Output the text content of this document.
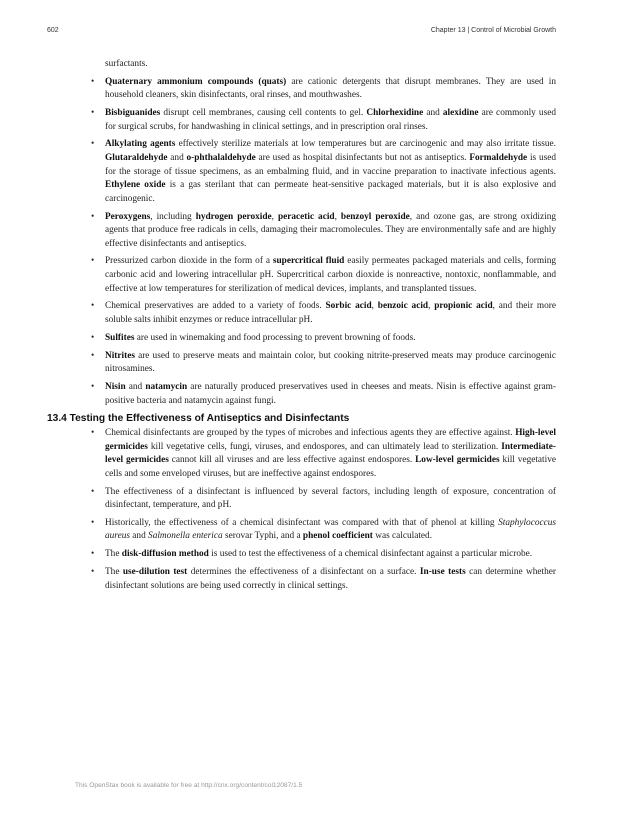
602	Chapter 13 | Control of Microbial Growth
surfactants.
• Quaternary ammonium compounds (quats) are cationic detergents that disrupt membranes. They are used in household cleaners, skin disinfectants, oral rinses, and mouthwashes.
• Bisbiguanides disrupt cell membranes, causing cell contents to gel. Chlorhexidine and alexidine are commonly used for surgical scrubs, for handwashing in clinical settings, and in prescription oral rinses.
• Alkylating agents effectively sterilize materials at low temperatures but are carcinogenic and may also irritate tissue. Glutaraldehyde and o-phthalaldehyde are used as hospital disinfectants but not as antiseptics. Formaldehyde is used for the storage of tissue specimens, as an embalming fluid, and in vaccine preparation to inactivate infectious agents. Ethylene oxide is a gas sterilant that can permeate heat-sensitive packaged materials, but it is also explosive and carcinogenic.
• Peroxygens, including hydrogen peroxide, peracetic acid, benzoyl peroxide, and ozone gas, are strong oxidizing agents that produce free radicals in cells, damaging their macromolecules. They are environmentally safe and are highly effective disinfectants and antiseptics.
• Pressurized carbon dioxide in the form of a supercritical fluid easily permeates packaged materials and cells, forming carbonic acid and lowering intracellular pH. Supercritical carbon dioxide is nonreactive, nontoxic, nonflammable, and effective at low temperatures for sterilization of medical devices, implants, and transplanted tissues.
• Chemical preservatives are added to a variety of foods. Sorbic acid, benzoic acid, propionic acid, and their more soluble salts inhibit enzymes or reduce intracellular pH.
• Sulfites are used in winemaking and food processing to prevent browning of foods.
• Nitrites are used to preserve meats and maintain color, but cooking nitrite-preserved meats may produce carcinogenic nitrosamines.
• Nisin and natamycin are naturally produced preservatives used in cheeses and meats. Nisin is effective against gram-positive bacteria and natamycin against fungi.
13.4 Testing the Effectiveness of Antiseptics and Disinfectants
• Chemical disinfectants are grouped by the types of microbes and infectious agents they are effective against. High-level germicides kill vegetative cells, fungi, viruses, and endospores, and can ultimately lead to sterilization. Intermediate-level germicides cannot kill all viruses and are less effective against endospores. Low-level germicides kill vegetative cells and some enveloped viruses, but are ineffective against endospores.
• The effectiveness of a disinfectant is influenced by several factors, including length of exposure, concentration of disinfectant, temperature, and pH.
• Historically, the effectiveness of a chemical disinfectant was compared with that of phenol at killing Staphylococcus aureus and Salmonella enterica serovar Typhi, and a phenol coefficient was calculated.
• The disk-diffusion method is used to test the effectiveness of a chemical disinfectant against a particular microbe.
• The use-dilution test determines the effectiveness of a disinfectant on a surface. In-use tests can determine whether disinfectant solutions are being used correctly in clinical settings.
This OpenStax book is available for free at http://cnx.org/content/col12087/1.5
